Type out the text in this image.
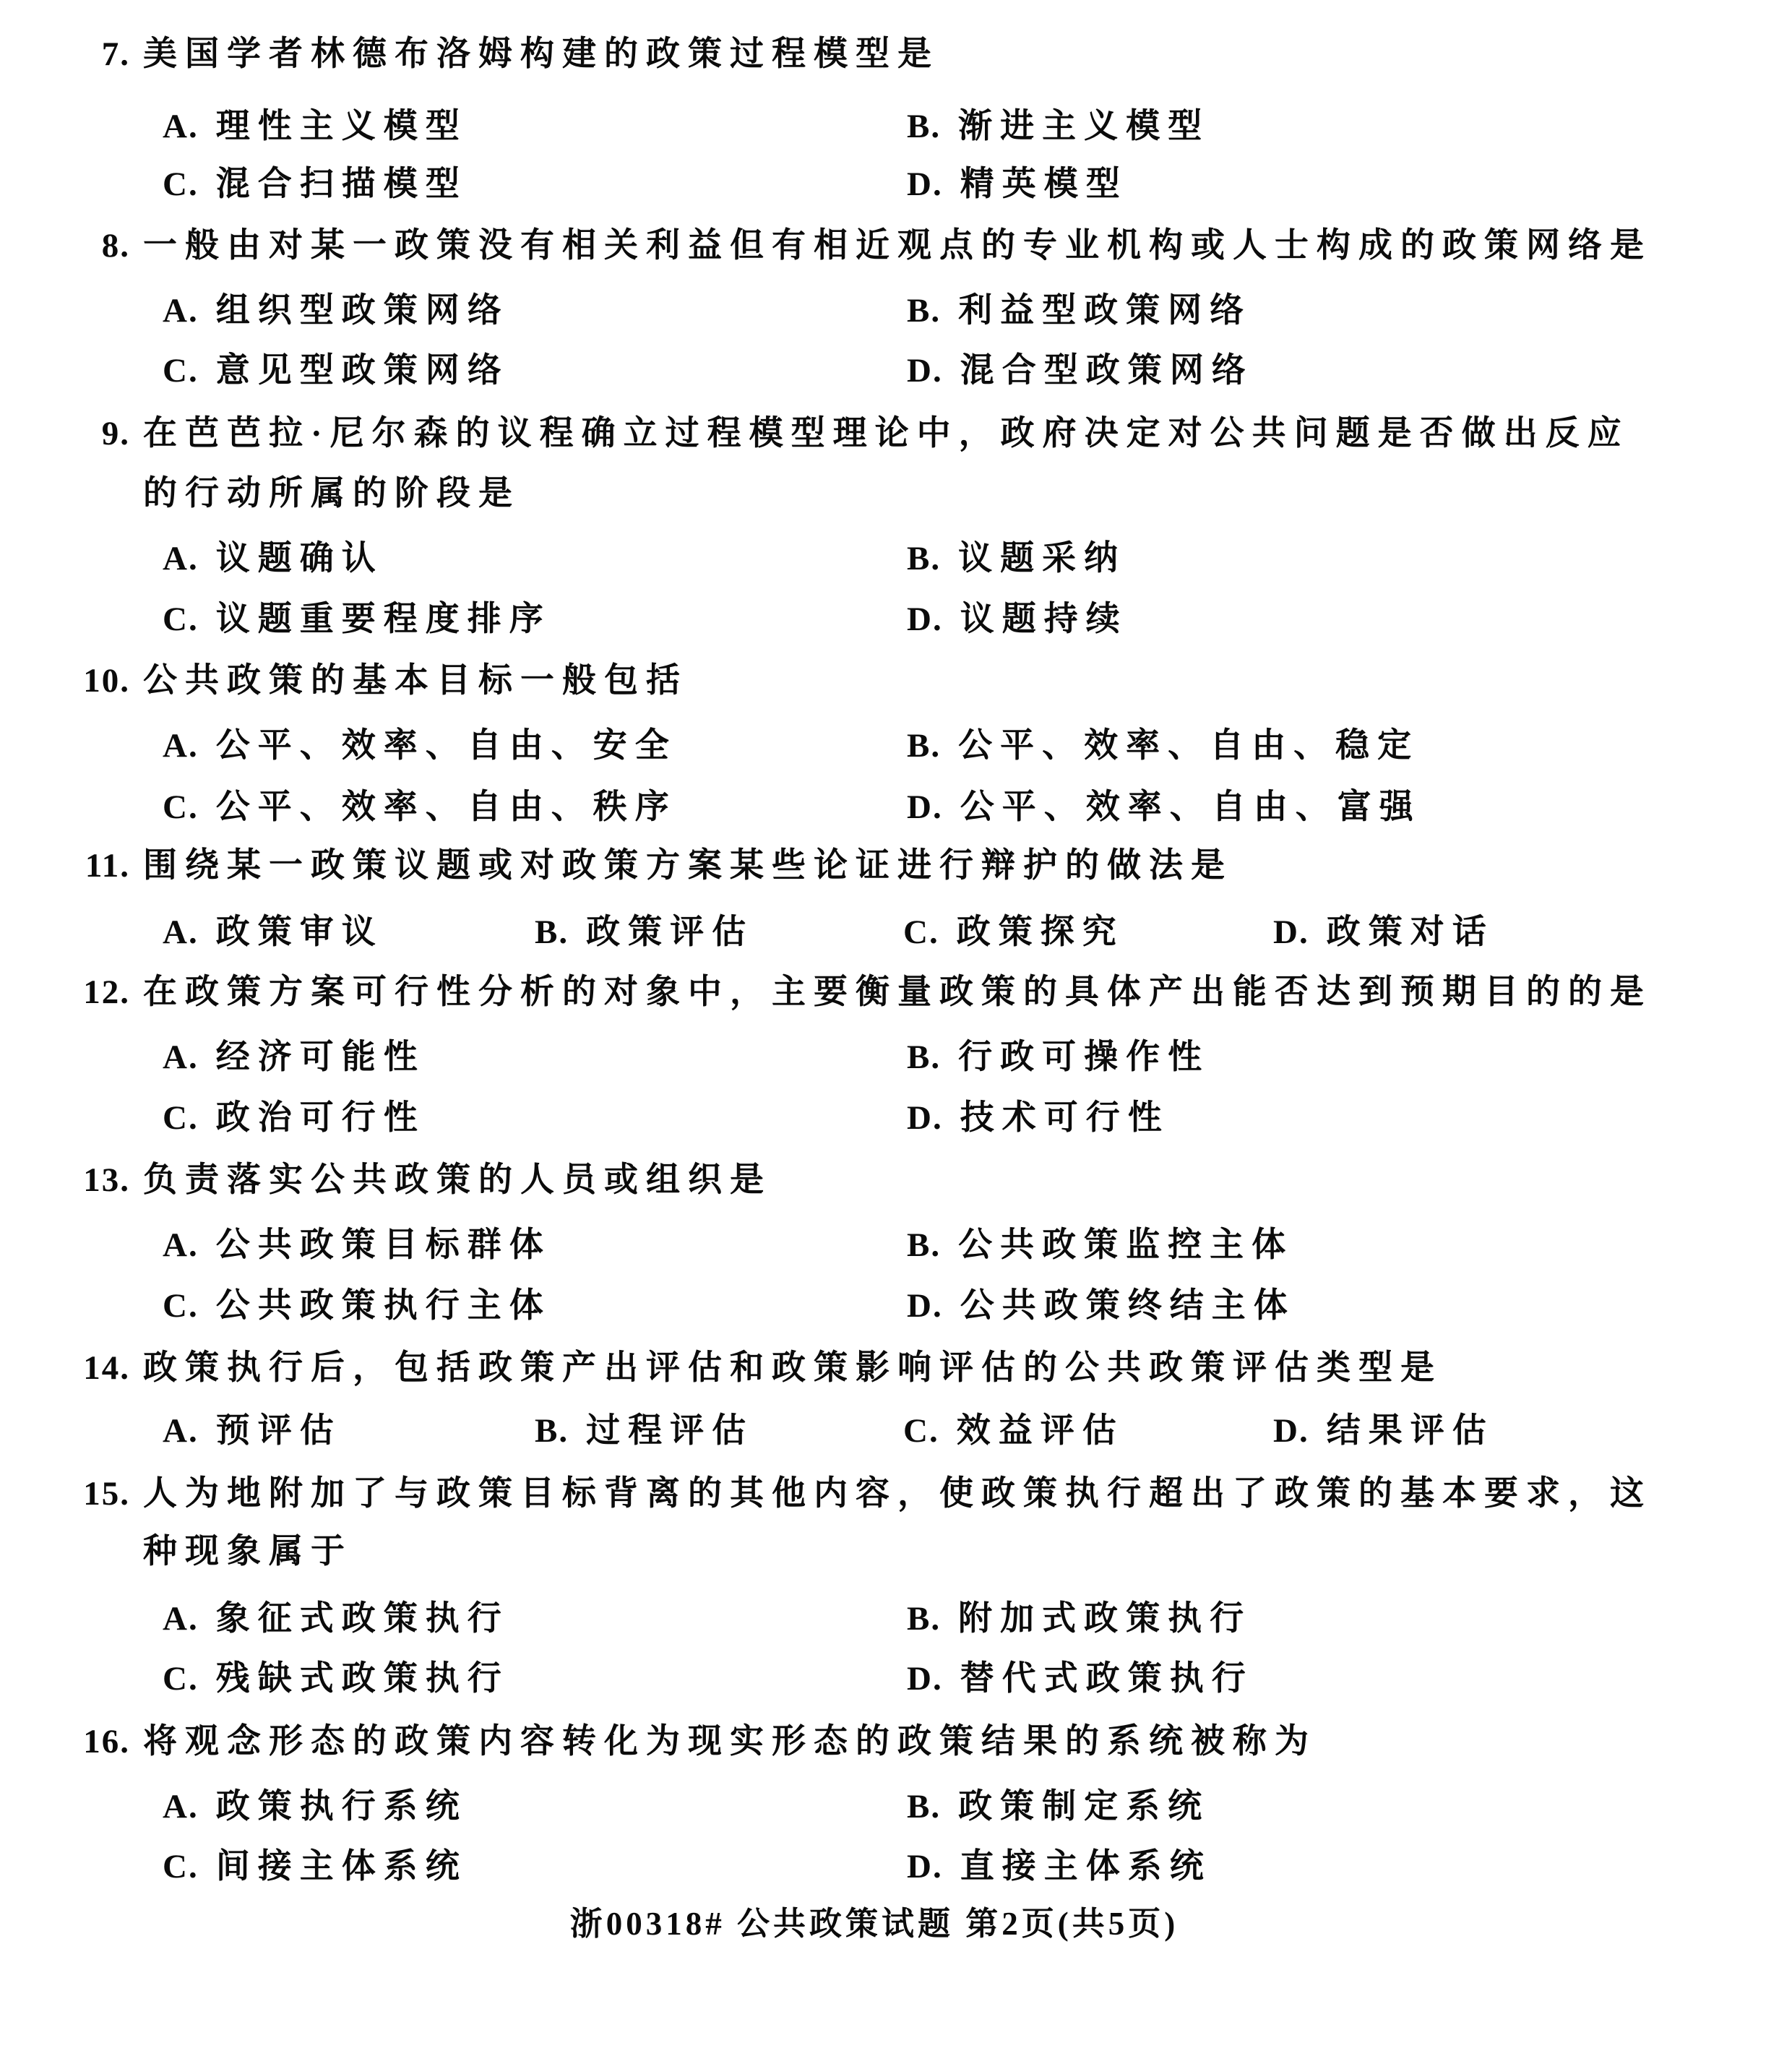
7. 美国学者林德布洛姆构建的政策过程模型是
A. 理性主义模型	B. 渐进主义模型
C. 混合扫描模型	D. 精英模型
8. 一般由对某一政策没有相关利益但有相近观点的专业机构或人士构成的政策网络是
A. 组织型政策网络	B. 利益型政策网络
C. 意见型政策网络	D. 混合型政策网络
9. 在芭芭拉·尼尔森的议程确立过程模型理论中，政府决定对公共问题是否做出反应
的行动所属的阶段是
A. 议题确认	B. 议题采纳
C. 议题重要程度排序	D. 议题持续
10. 公共政策的基本目标一般包括
A. 公平、效率、自由、安全	B. 公平、效率、自由、稳定
C. 公平、效率、自由、秩序	D. 公平、效率、自由、富强
11. 围绕某一政策议题或对政策方案某些论证进行辩护的做法是
A. 政策审议	B. 政策评估	C. 政策探究	D. 政策对话
12. 在政策方案可行性分析的对象中，主要衡量政策的具体产出能否达到预期目的的是
A. 经济可能性	B. 行政可操作性
C. 政治可行性	D. 技术可行性
13. 负责落实公共政策的人员或组织是
A. 公共政策目标群体	B. 公共政策监控主体
C. 公共政策执行主体	D. 公共政策终结主体
14. 政策执行后，包括政策产出评估和政策影响评估的公共政策评估类型是
A. 预评估	B. 过程评估	C. 效益评估	D. 结果评估
15. 人为地附加了与政策目标背离的其他内容，使政策执行超出了政策的基本要求，这
种现象属于
A. 象征式政策执行	B. 附加式政策执行
C. 残缺式政策执行	D. 替代式政策执行
16. 将观念形态的政策内容转化为现实形态的政策结果的系统被称为
A. 政策执行系统	B. 政策制定系统
C. 间接主体系统	D. 直接主体系统
浙00318# 公共政策试题 第2页(共5页)
